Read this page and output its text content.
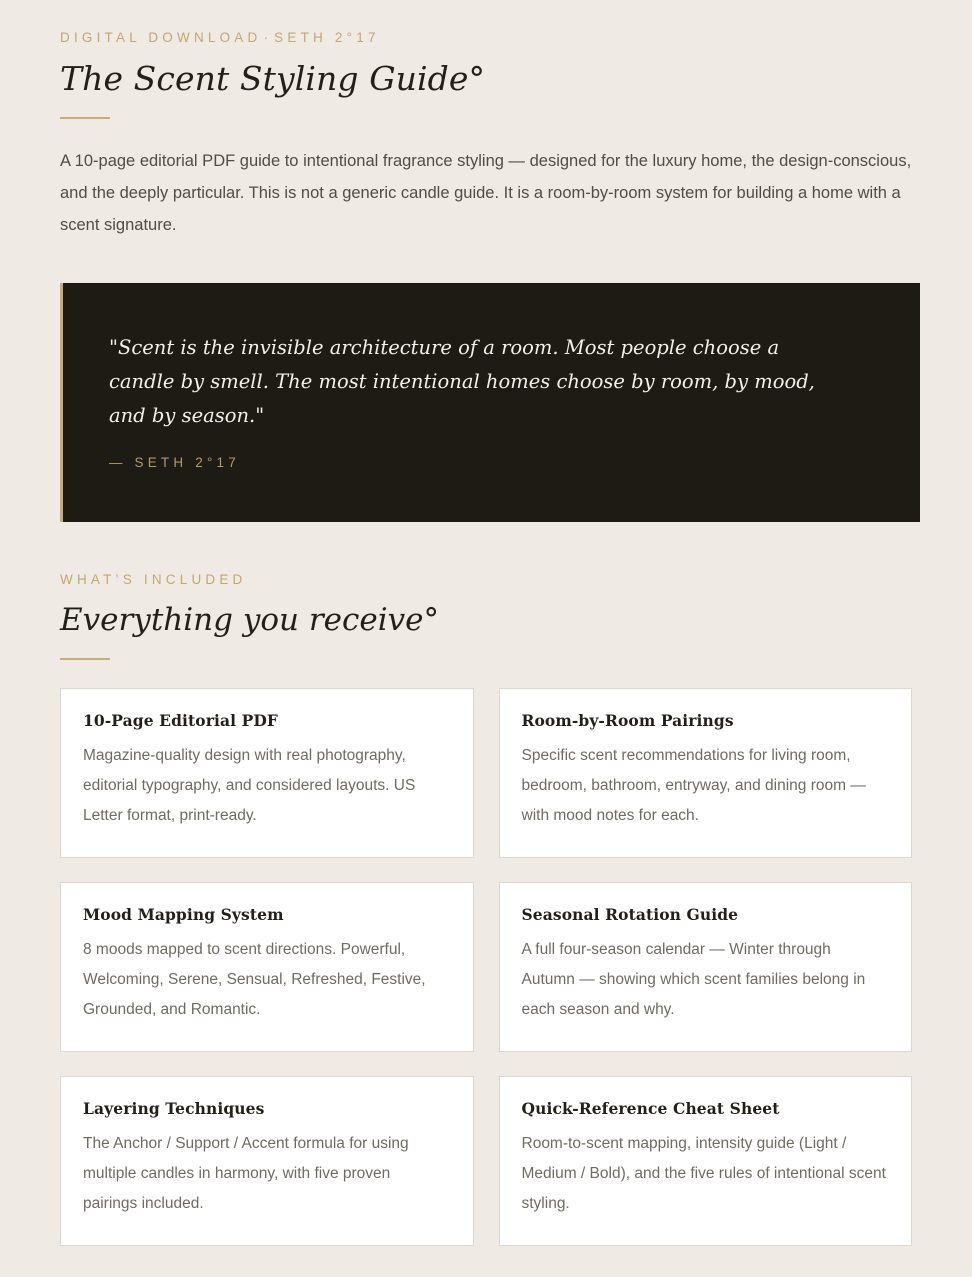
DIGITAL DOWNLOAD · SETH 2°17
The Scent Styling Guide°

A 10-page editorial PDF guide to intentional fragrance styling — designed for the luxury home, the design-conscious, and the deeply particular. This is not a generic candle guide. It is a room-by-room system for building a home with a scent signature.

"Scent is the invisible architecture of a room. Most people choose a candle by smell. The most intentional homes choose by room, by mood, and by season."

— SETH 2°17
WHAT’S INCLUDED
Everything you receive°
10-Page Editorial PDF

Magazine-quality design with real photography, editorial typography, and considered layouts. US Letter format, print-ready.

Room-by-Room Pairings

Specific scent recommendations for living room, bedroom, bathroom, entryway, and dining room — with mood notes for each.

Mood Mapping System

8 moods mapped to scent directions. Powerful, Welcoming, Serene, Sensual, Refreshed, Festive, Grounded, and Romantic.

Seasonal Rotation Guide

A full four-season calendar — Winter through Autumn — showing which scent families belong in each season and why.

Layering Techniques

The Anchor / Support / Accent formula for using multiple candles in harmony, with five proven pairings included.

Quick-Reference Cheat Sheet

Room-to-scent mapping, intensity guide (Light / Medium / Bold), and the five rules of intentional scent styling.
